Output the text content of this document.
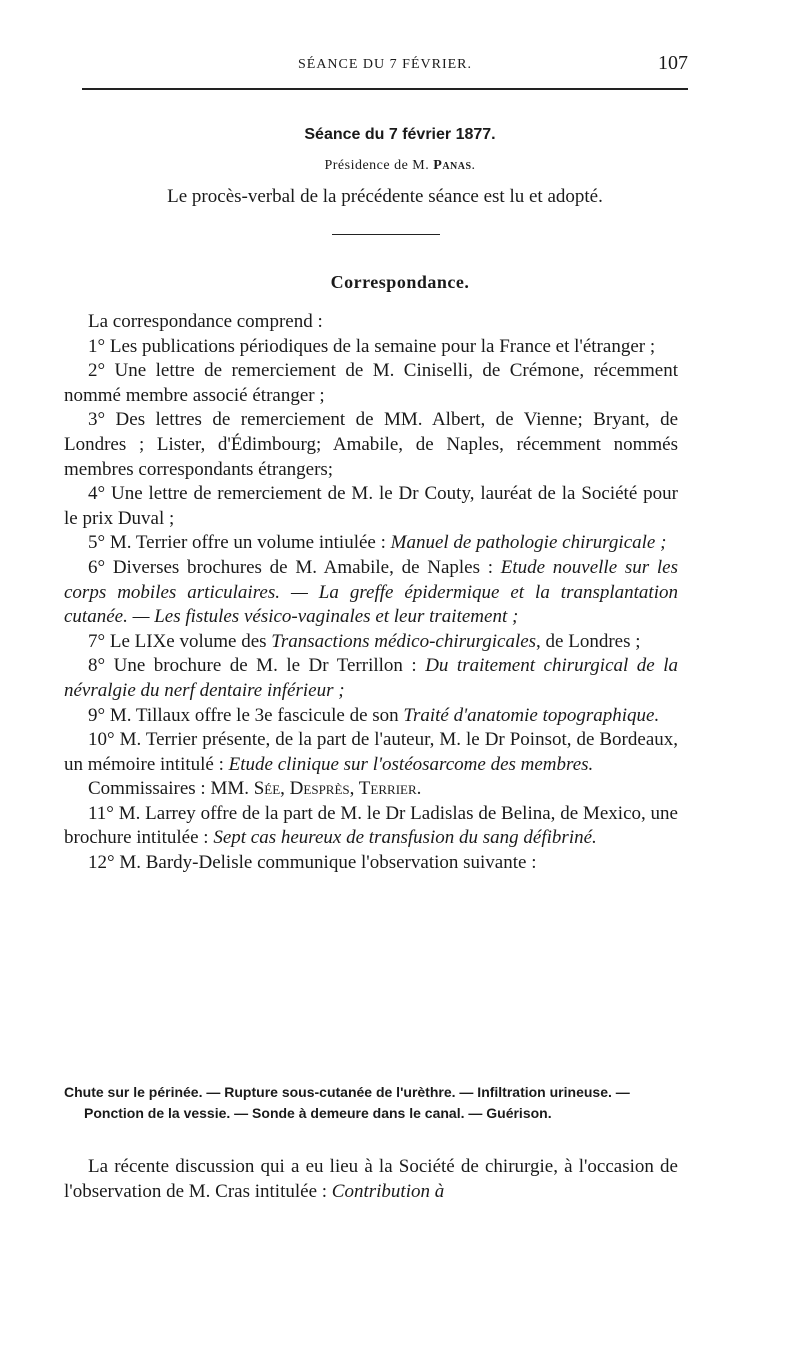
SÉANCE DU 7 FÉVRIER.	107
Séance du 7 février 1877.
Présidence de M. Panas.
Le procès-verbal de la précédente séance est lu et adopté.
Correspondance.

La correspondance comprend :

1° Les publications périodiques de la semaine pour la France et l'étranger ;

2° Une lettre de remerciement de M. Ciniselli, de Crémone, récemment nommé membre associé étranger ;

3° Des lettres de remerciement de MM. Albert, de Vienne; Bryant, de Londres ; Lister, d'Édimbourg; Amabile, de Naples, récemment nommés membres correspondants étrangers;

4° Une lettre de remerciement de M. le Dr Couty, lauréat de la Société pour le prix Duval ;

5° M. Terrier offre un volume intiulée : Manuel de pathologie chirurgicale ;

6° Diverses brochures de M. Amabile, de Naples : Etude nouvelle sur les corps mobiles articulaires. — La greffe épidermique et la transplantation cutanée. — Les fistules vésico-vaginales et leur traitement ;

7° Le LIXe volume des Transactions médico-chirurgicales, de Londres ;

8° Une brochure de M. le Dr Terrillon : Du traitement chirurgical de la névralgie du nerf dentaire inférieur ;

9° M. Tillaux offre le 3e fascicule de son Traité d'anatomie topographique.

10° M. Terrier présente, de la part de l'auteur, M. le Dr Poinsot, de Bordeaux, un mémoire intitulé : Etude clinique sur l'ostéosarcome des membres.

Commissaires : MM. Sée, Desprès, Terrier.

11° M. Larrey offre de la part de M. le Dr Ladislas de Belina, de Mexico, une brochure intitulée : Sept cas heureux de transfusion du sang défibriné.

12° M. Bardy-Delisle communique l'observation suivante :

Chute sur le périnée. — Rupture sous-cutanée de l'urèthre. — Infiltration urineuse. — Ponction de la vessie. — Sonde à demeure dans le canal. — Guérison.

La récente discussion qui a eu lieu à la Société de chirurgie, à l'occasion de l'observation de M. Cras intitulée : Contribution à
